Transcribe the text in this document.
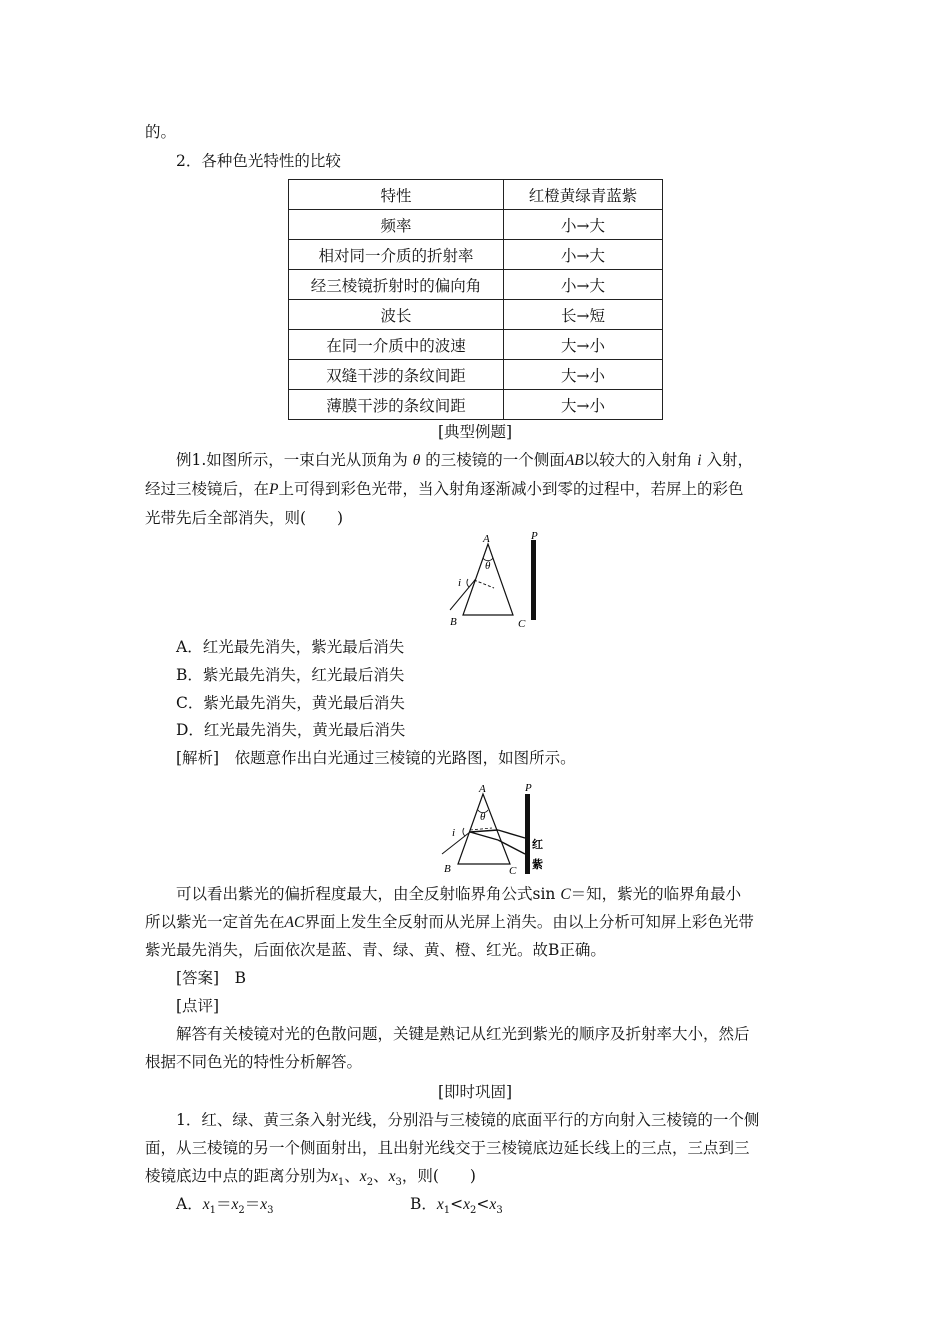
的。

2．各种色光特性的比较

特性	红橙黄绿青蓝紫
频率	小→大
相对同一介质的折射率	小→大
经三棱镜折射时的偏向角	小→大
波长	长→短
在同一介质中的波速	大→小
双缝干涉的条纹间距	大→小
薄膜干涉的条纹间距	大→小

[典型例题]

例1.如图所示，一束白光从顶角为 θ 的三棱镜的一个侧面AB以较大的入射角 i 入射，

经过三棱镜后，在P上可得到彩色光带，当入射角逐渐减小到零的过程中，若屏上的彩色

光带先后全部消失，则(　　)

A
θ
i
B	C
P

A．红光最先消失，紫光最后消失

B．紫光最先消失，红光最后消失

C．紫光最先消失，黄光最后消失

D．红光最先消失，黄光最后消失

[解析]　依题意作出白光通过三棱镜的光路图，如图所示。

A
θ
i
B	C
P
红
紫

可以看出紫光的偏折程度最大，由全反射临界角公式sin C＝知，紫光的临界角最小

所以紫光一定首先在AC界面上发生全反射而从光屏上消失。由以上分析可知屏上彩色光带

紫光最先消失，后面依次是蓝、青、绿、黄、橙、红光。故B正确。

[答案]　B

[点评]

解答有关棱镜对光的色散问题，关键是熟记从红光到紫光的顺序及折射率大小，然后

根据不同色光的特性分析解答。

[即时巩固]

1．红、绿、黄三条入射光线，分别沿与三棱镜的底面平行的方向射入三棱镜的一个侧

面，从三棱镜的另一个侧面射出，且出射光线交于三棱镜底边延长线上的三点，三点到三

棱镜底边中点的距离分别为$x_1$、$x_2$、$x_3$，则(　　)

A．$x_1=x_2=x_3$	B．$x_1<x_2<x_3$
